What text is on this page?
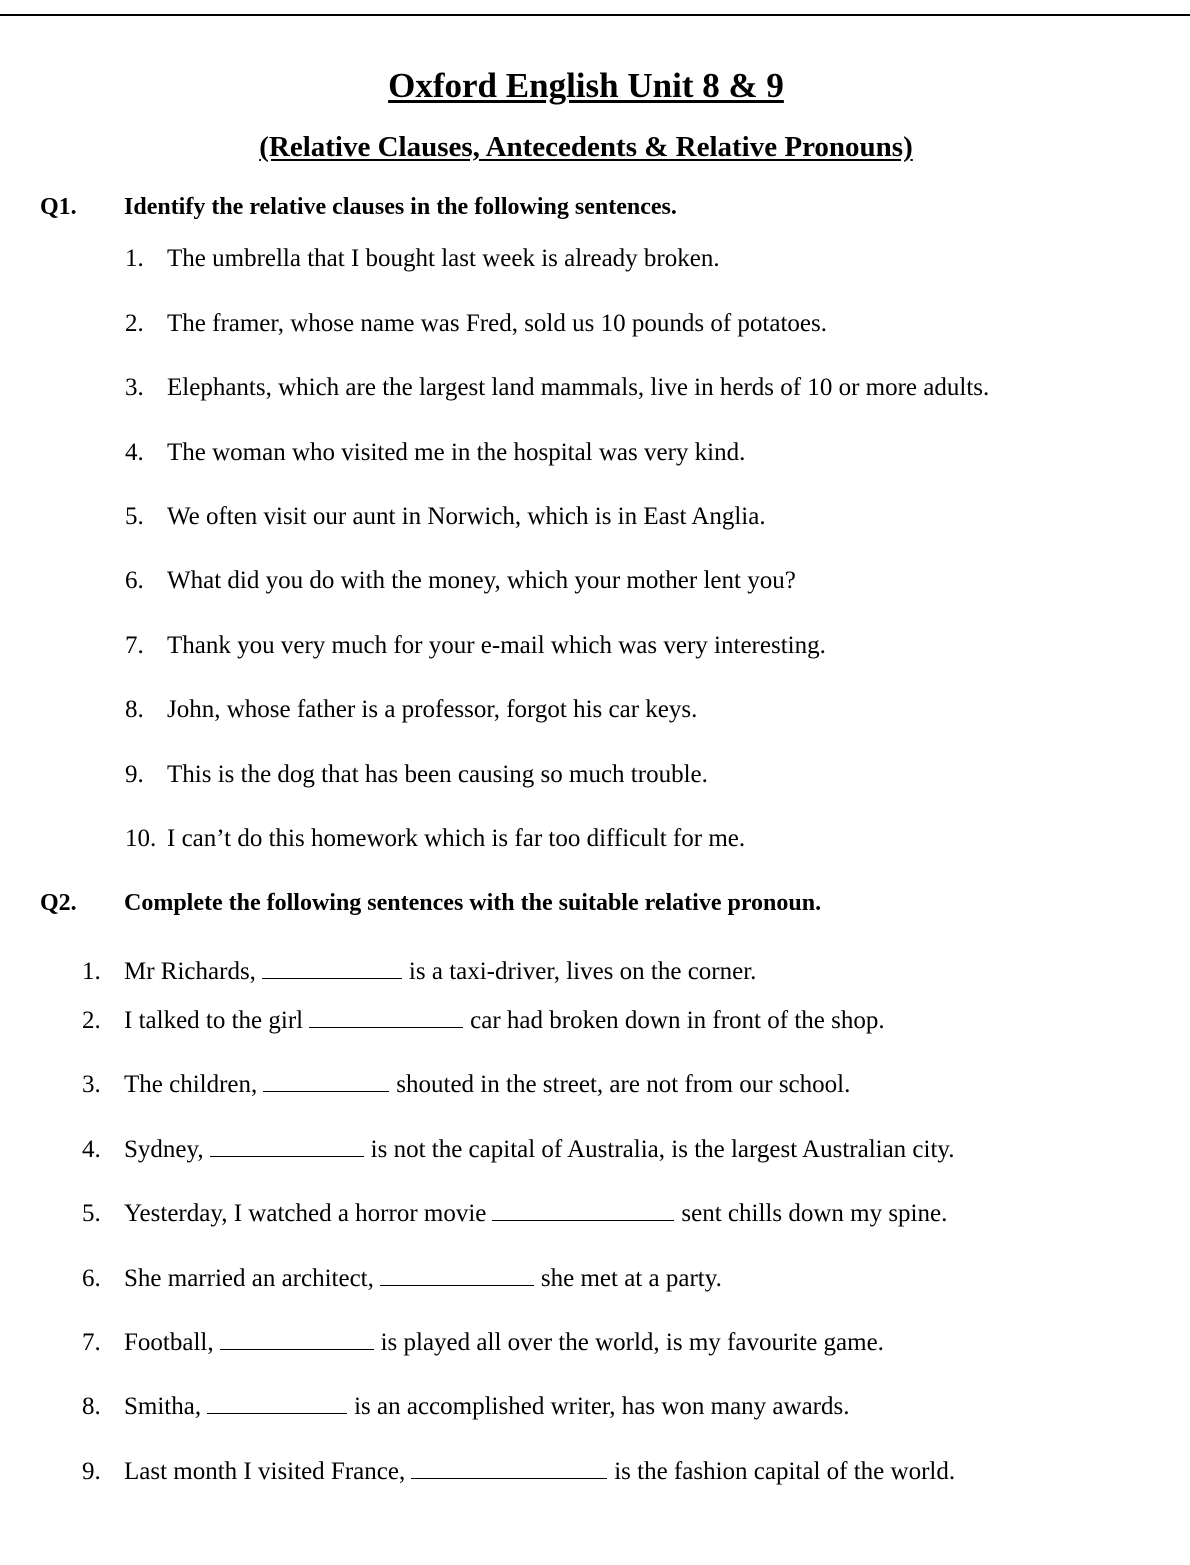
Oxford English Unit 8 & 9
(Relative Clauses, Antecedents & Relative Pronouns)
Q1. Identify the relative clauses in the following sentences.
1. The umbrella that I bought last week is already broken.
2. The framer, whose name was Fred, sold us 10 pounds of potatoes.
3. Elephants, which are the largest land mammals, live in herds of 10 or more adults.
4. The woman who visited me in the hospital was very kind.
5. We often visit our aunt in Norwich, which is in East Anglia.
6. What did you do with the money, which your mother lent you?
7. Thank you very much for your e-mail which was very interesting.
8. John, whose father is a professor, forgot his car keys.
9. This is the dog that has been causing so much trouble.
10. I can’t do this homework which is far too difficult for me.
Q2. Complete the following sentences with the suitable relative pronoun.
1. Mr Richards,	is a taxi-driver, lives on the corner.
2. I talked to the girl	car had broken down in front of the shop.
3. The children,	shouted in the street, are not from our school.
4. Sydney,	is not the capital of Australia, is the largest Australian city.
5. Yesterday, I watched a horror movie	sent chills down my spine.
6. She married an architect,	she met at a party.
7. Football,	is played all over the world, is my favourite game.
8. Smitha,	is an accomplished writer, has won many awards.
9. Last month I visited France,	is the fashion capital of the world.
